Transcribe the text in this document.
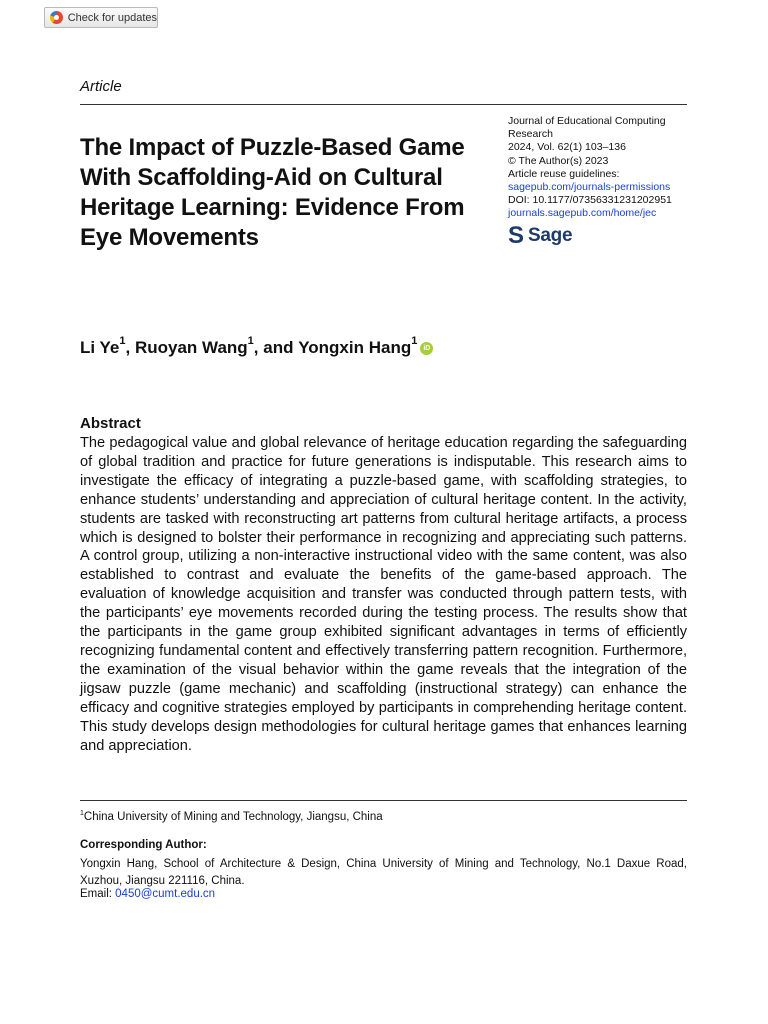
Check for updates
Article
The Impact of Puzzle-Based Game With Scaffolding-Aid on Cultural Heritage Learning: Evidence From Eye Movements
Journal of Educational Computing
Research
2024, Vol. 62(1) 103–136
© The Author(s) 2023
Article reuse guidelines:
sagepub.com/journals-permissions
DOI: 10.1177/07356331231202951
journals.sagepub.com/home/jec
S Sage
Li Ye$^1$ , Ruoyan Wang$^1$ , and Yongxin Hang$^1$
iD
Abstract

The pedagogical value and global relevance of heritage education regarding the safeguarding of global tradition and practice for future generations is indisputable. This research aims to investigate the efficacy of integrating a puzzle-based game, with scaffolding strategies, to enhance students’ understanding and appreciation of cultural heritage content. In the activity, students are tasked with reconstructing art patterns from cultural heritage artifacts, a process which is designed to bolster their performance in recognizing and appreciating such patterns. A control group, utilizing a non-interactive instructional video with the same content, was also established to contrast and evaluate the benefits of the game-based approach. The evaluation of knowledge acquisition and transfer was conducted through pattern tests, with the participants’ eye movements recorded during the testing process. The results show that the participants in the game group exhibited significant advantages in terms of efficiently recognizing fundamental content and effectively transferring pattern recognition. Furthermore, the examination of the visual behavior within the game reveals that the integration of the jigsaw puzzle (game mechanic) and scaffolding (instructional strategy) can enhance the efficacy and cognitive strategies employed by participants in comprehending heritage content. This study develops design methodologies for cultural heritage games that enhances learning and appreciation.

$^1$China University of Mining and Technology, Jiangsu, China
Corresponding Author:

Yongxin Hang, School of Architecture & Design, China University of Mining and Technology, No.1 Daxue Road, Xuzhou, Jiangsu 221116, China.

Email: 0450@cumt.edu.cn
